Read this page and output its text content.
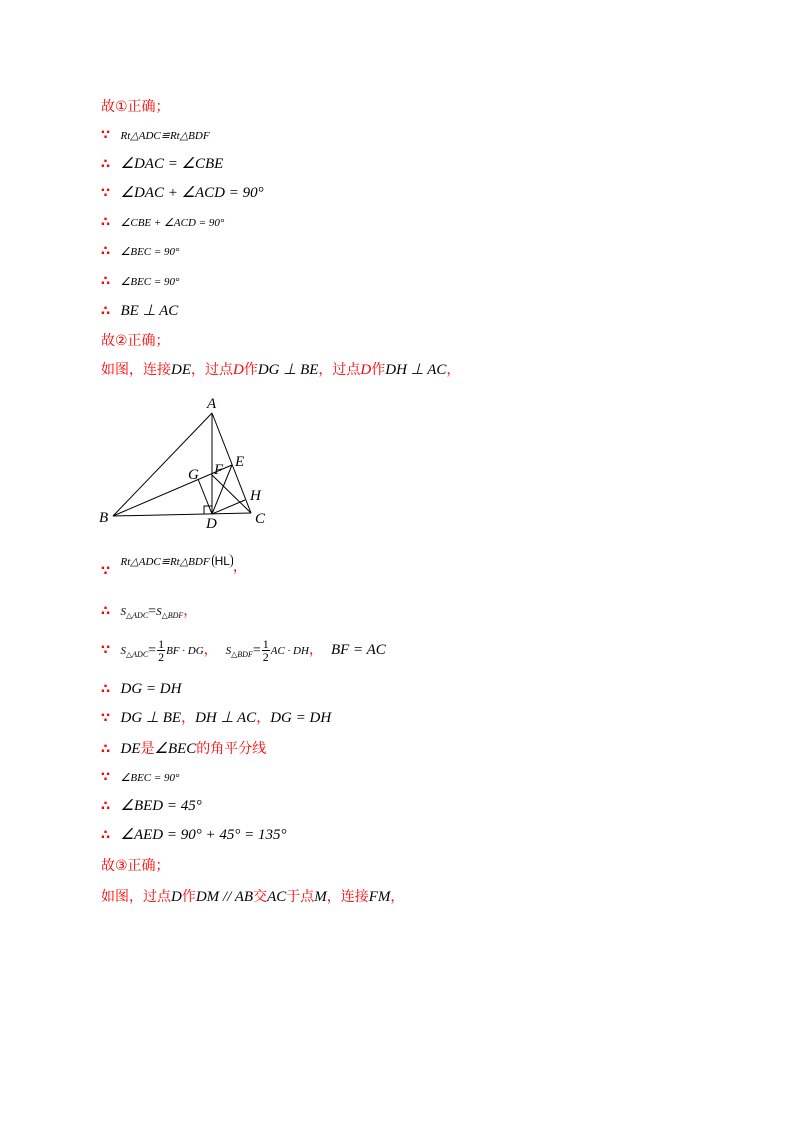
故①正确；
∵ Rt△ADC≌Rt△BDF
∴ ∠DAC = ∠CBE
∵ ∠DAC + ∠ACD = 90°
∴ ∠CBE + ∠ACD = 90°
∴ ∠BEC = 90°
∴ ∠BEC = 90°
∴ BE ⊥ AC
故②正确；
如图，连接DE，过点D作DG ⊥ BE，过点D作DH ⊥ AC，
A
B	C
D
E
F
G
H
∵ Rt△ADC≌Rt△BDF HL ，
∴ $S_{\triangle ADC}=S_{\triangle BDF}$，
∵ $S_{\triangle ADC}= \frac{1}{2}$ BF · DG， $S_{\triangle BDF}= \frac{1}{2}$ AC · DH， BF = AC
∴ DG = DH
∵ DG ⊥ BE，DH ⊥ AC，DG = DH
∴ DE是∠BEC的角平分线
∵ ∠BEC = 90°
∴ ∠BED = 45°
∴ ∠AED = 90° + 45° = 135°
故③正确；
如图，过点D作DM // AB交AC于点M，连接FM，
